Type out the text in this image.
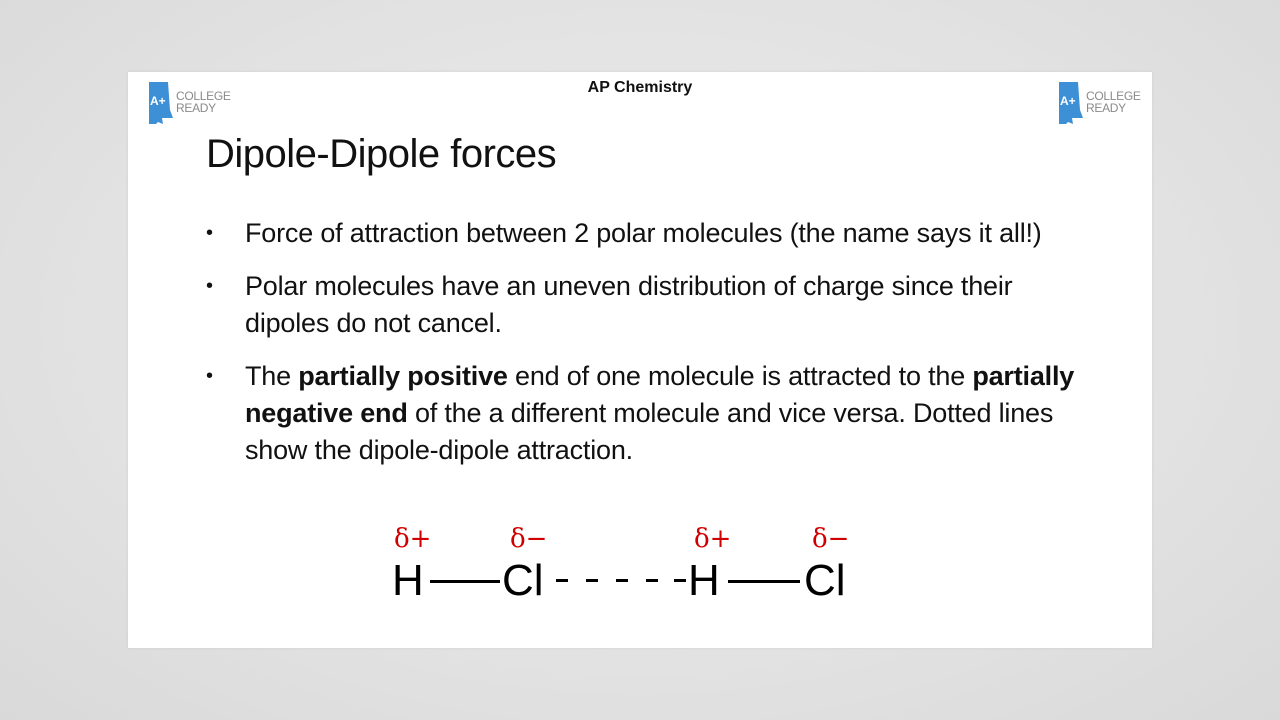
A+ COLLEGE
READY
AP Chemistry
A+ COLLEGE
READY
Dipole-Dipole forces
• Force of attraction between 2 polar molecules (the name says it all!)
• Polar molecules have an uneven distribution of charge since their dipoles do not cancel.
• The partially positive end of one molecule is attracted to the partially negative end of the a different molecule and vice versa. Dotted lines show the dipole-dipole attraction.
δ+	δ−	δ+	δ−
H Cl	H Cl
